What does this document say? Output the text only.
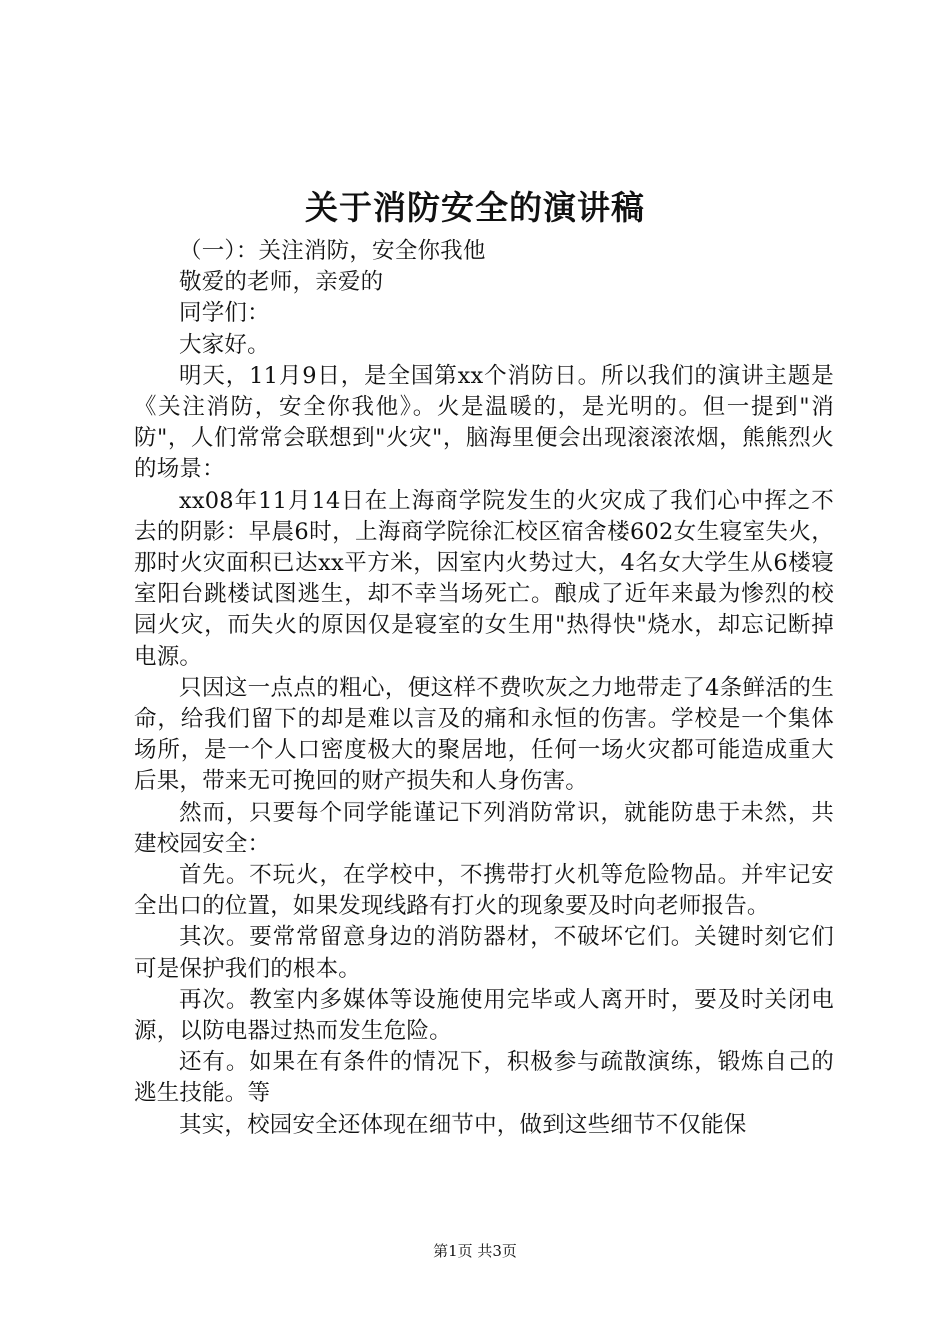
关于消防安全的演讲稿

（一）：关注消防，安全你我他

敬爱的老师，亲爱的

同学们：

大家好。

明天，11月9日，是全国第xx个消防日。所以我们的演讲主题是《关注消防，安全你我他》。火是温暖的，是光明的。但一提到"消防"，人们常常会联想到"火灾"，脑海里便会出现滚滚浓烟，熊熊烈火的场景：

xx08年11月14日在上海商学院发生的火灾成了我们心中挥之不去的阴影：早晨6时，上海商学院徐汇校区宿舍楼602女生寝室失火，那时火灾面积已达xx平方米，因室内火势过大，4名女大学生从6楼寝室阳台跳楼试图逃生，却不幸当场死亡。酿成了近年来最为惨烈的校园火灾，而失火的原因仅是寝室的女生用"热得快"烧水，却忘记断掉电源。

只因这一点点的粗心，便这样不费吹灰之力地带走了4条鲜活的生命，给我们留下的却是难以言及的痛和永恒的伤害。学校是一个集体场所，是一个人口密度极大的聚居地，任何一场火灾都可能造成重大后果，带来无可挽回的财产损失和人身伤害。

然而，只要每个同学能谨记下列消防常识，就能防患于未然，共建校园安全：

首先。不玩火，在学校中，不携带打火机等危险物品。并牢记安全出口的位置，如果发现线路有打火的现象要及时向老师报告。

其次。要常常留意身边的消防器材，不破坏它们。关键时刻它们可是保护我们的根本。

再次。教室内多媒体等设施使用完毕或人离开时，要及时关闭电源，以防电器过热而发生危险。

还有。如果在有条件的情况下，积极参与疏散演练，锻炼自己的逃生技能。等

其实，校园安全还体现在细节中，做到这些细节不仅能保

第1页 共3页
